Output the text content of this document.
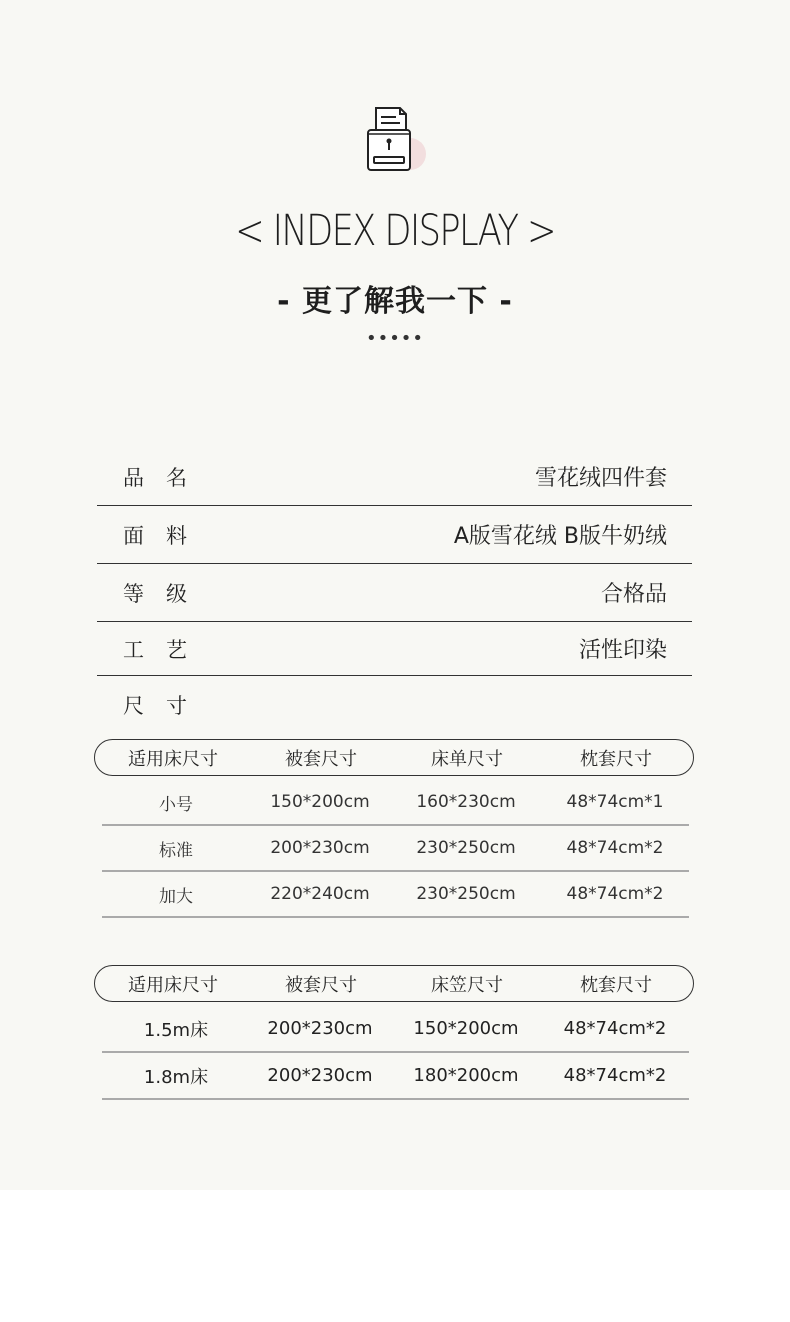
< INDEX DISPLAY >
- 更了解我一下 -
•••••
品名	雪花绒四件套
面料	A版雪花绒 B版牛奶绒
等级	合格品
工艺	活性印染
尺寸
适用床尺寸	被套尺寸	床单尺寸	枕套尺寸
小号	150*200cm	160*230cm	48*74cm*1
标准	200*230cm	230*250cm	48*74cm*2
加大	220*240cm	230*250cm	48*74cm*2
适用床尺寸	被套尺寸	床笠尺寸	枕套尺寸
1.5m床	200*230cm	150*200cm	48*74cm*2
1.8m床	200*230cm	180*200cm	48*74cm*2
